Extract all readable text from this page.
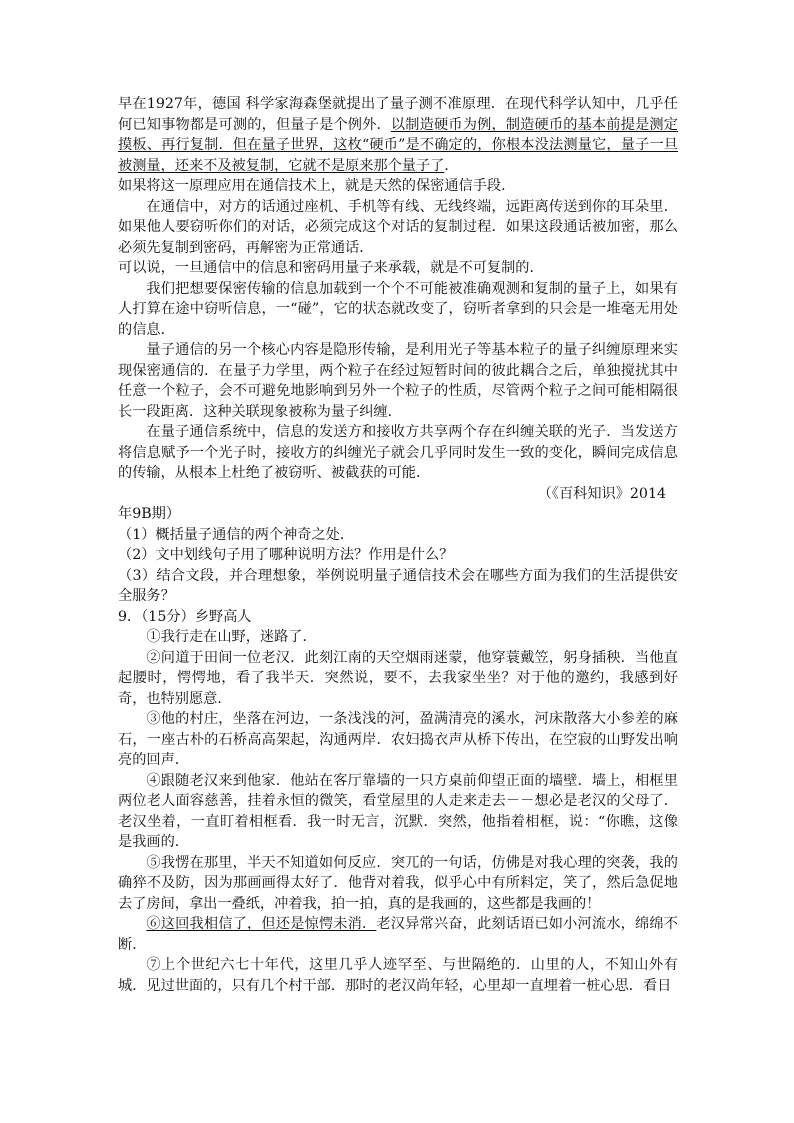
早在1927年，德国 科学家海森堡就提出了量子测不准原理．在现代科学认知中，几乎任何已知事物都是可测的，但量子是个例外．以制造硬币为例，制造硬币的基本前提是测定摸板、再行复制．但在量子世界，这枚“硬币”是不确定的，你根本没法测量它，量子一旦被测量，还来不及被复制，它就不是原来那个量子了．

如果将这一原理应用在通信技术上，就是天然的保密通信手段．

在通信中，对方的话通过座机、手机等有线、无线终端，远距离传送到你的耳朵里．如果他人要窃听你们的对话，必须完成这个对话的复制过程．如果这段通话被加密，那么必须先复制到密码，再解密为正常通话．

可以说，一旦通信中的信息和密码用量子来承载，就是不可复制的．

我们把想要保密传输的信息加载到一个个不可能被准确观测和复制的量子上，如果有人打算在途中窃听信息，一“碰”，它的状态就改变了，窃听者拿到的只会是一堆毫无用处的信息．

量子通信的另一个核心内容是隐形传输，是利用光子等基本粒子的量子纠缠原理来实现保密通信的．在量子力学里，两个粒子在经过短暂时间的彼此耦合之后，单独搅扰其中任意一个粒子，会不可避免地影响到另外一个粒子的性质，尽管两个粒子之间可能相隔很长一段距离．这种关联现象被称为量子纠缠．

在量子通信系统中，信息的发送方和接收方共享两个存在纠缠关联的光子．当发送方将信息赋予一个光子时，接收方的纠缠光子就会几乎同时发生一致的变化，瞬间完成信息的传输，从根本上杜绝了被窃听、被截获的可能．

（《百科知识》2014

年9B期）

（1）概括量子通信的两个神奇之处．

（2）文中划线句子用了哪种说明方法？作用是什么？

（3）结合文段，并合理想象，举例说明量子通信技术会在哪些方面为我们的生活提供安全服务？

9．（15分）乡野高人

①我行走在山野，迷路了．

②问道于田间一位老汉．此刻江南的天空烟雨迷蒙，他穿蓑戴笠，躬身插秧．当他直起腰时，愕愕地，看了我半天．突然说，要不，去我家坐坐？对于他的邀约，我感到好奇，也特别愿意．

③他的村庄，坐落在河边，一条浅浅的河，盈满清亮的溪水，河床散落大小参差的麻石，一座古朴的石桥高高架起，沟通两岸．农妇捣衣声从桥下传出，在空寂的山野发出响亮的回声．

④跟随老汉来到他家．他站在客厅靠墙的一只方桌前仰望正面的墙壁．墙上，相框里两位老人面容慈善，挂着永恒的微笑，看堂屋里的人走来走去－－想必是老汉的父母了．老汉坐着，一直盯着相框看．我一时无言，沉默．突然，他指着相框，说：“你瞧，这像是我画的．

⑤我愣在那里，半天不知道如何反应．突兀的一句话，仿佛是对我心理的突袭，我的确猝不及防，因为那画画得太好了．他背对着我，似乎心中有所料定，笑了，然后急促地去了房间，拿出一叠纸，冲着我，拍一拍，真的是我画的，这些都是我画的！

⑥这回我相信了，但还是惊愕未消．老汉异常兴奋，此刻话语已如小河流水，绵绵不断．

⑦上个世纪六七十年代，这里几乎人迹罕至、与世隔绝的．山里的人，不知山外有城．见过世面的，只有几个村干部．那时的老汉尚年轻，心里却一直埋着一桩心思．看日
